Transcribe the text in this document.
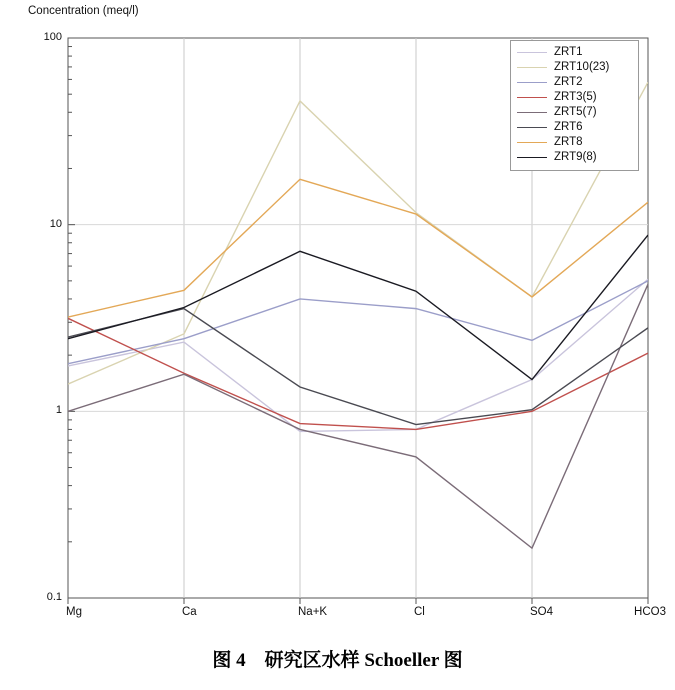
Concentration (meq/l)
0.1
1
10
100
Mg	Ca	Na+K	Cl	SO4	HCO3
ZRT1
ZRT10(23)
ZRT2
ZRT3(5)
ZRT5(7)
ZRT6
ZRT8
ZRT9(8)
图 4　研究区水样 Schoeller 图
